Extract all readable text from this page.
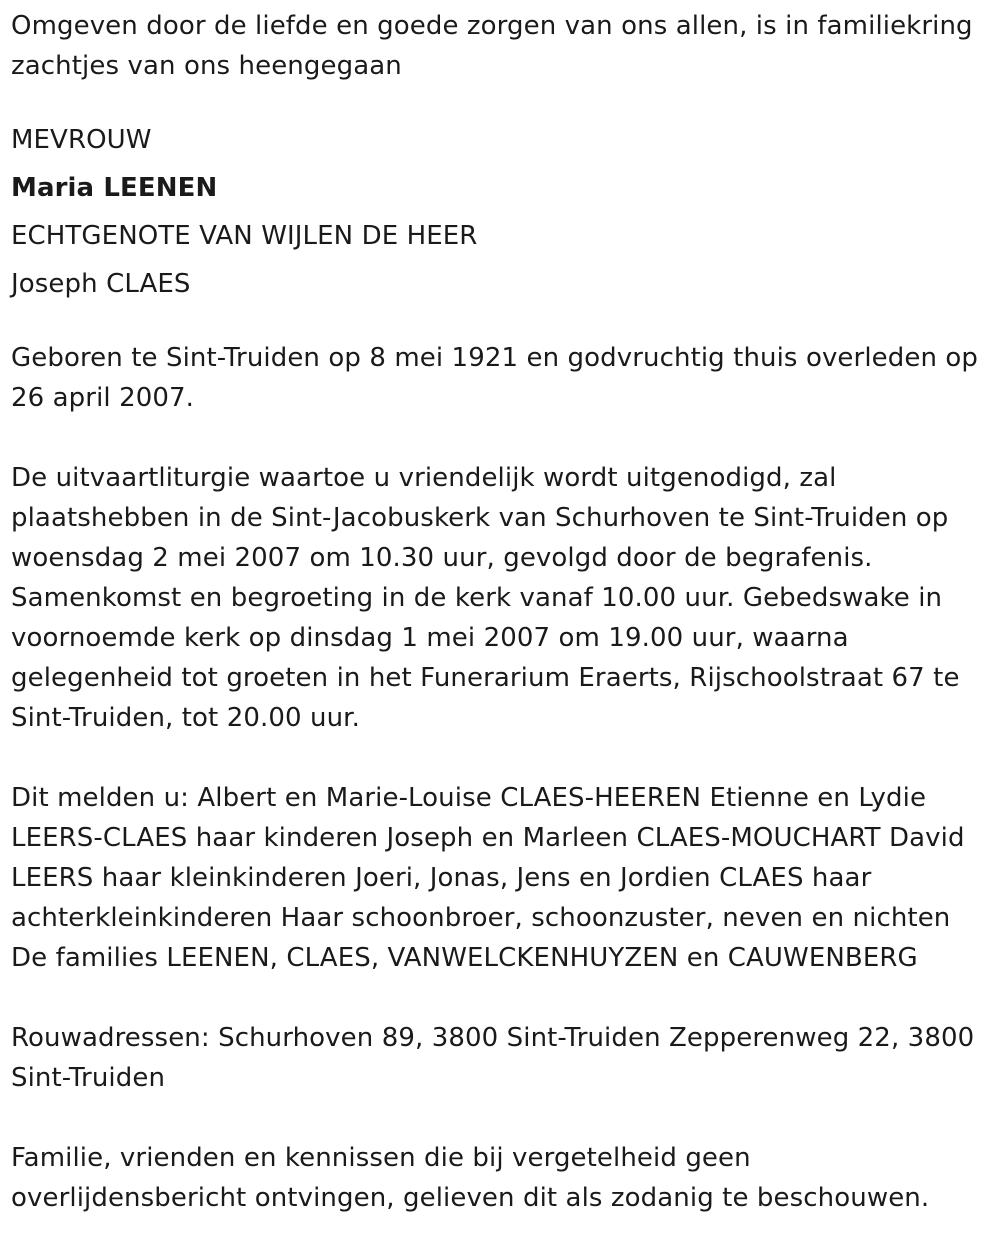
Omgeven door de liefde en goede zorgen van ons allen, is in familiekring zachtjes van ons heengegaan

MEVROUW
Maria LEENEN
ECHTGENOTE VAN WIJLEN DE HEER
Joseph CLAES

Geboren te Sint-Truiden op 8 mei 1921 en godvruchtig thuis overleden op 26 april 2007.

De uitvaartliturgie waartoe u vriendelijk wordt uitgenodigd, zal plaatshebben in de Sint-Jacobuskerk van Schurhoven te Sint-Truiden op woensdag 2 mei 2007 om 10.30 uur, gevolgd door de begrafenis. Samenkomst en begroeting in de kerk vanaf 10.00 uur. Gebedswake in voornoemde kerk op dinsdag 1 mei 2007 om 19.00 uur, waarna gelegenheid tot groeten in het Funerarium Eraerts, Rijschoolstraat 67 te Sint-Truiden, tot 20.00 uur.

Dit melden u: Albert en Marie-Louise CLAES-HEEREN Etienne en Lydie LEERS-CLAES haar kinderen Joseph en Marleen CLAES-MOUCHART David LEERS haar kleinkinderen Joeri, Jonas, Jens en Jordien CLAES haar achterkleinkinderen Haar schoonbroer, schoonzuster, neven en nichten De families LEENEN, CLAES, VANWELCKENHUYZEN en CAUWENBERG

Rouwadressen: Schurhoven 89, 3800 Sint-Truiden Zepperenweg 22, 3800 Sint-Truiden

Familie, vrienden en kennissen die bij vergetelheid geen overlijdensbericht ontvingen, gelieven dit als zodanig te beschouwen.
